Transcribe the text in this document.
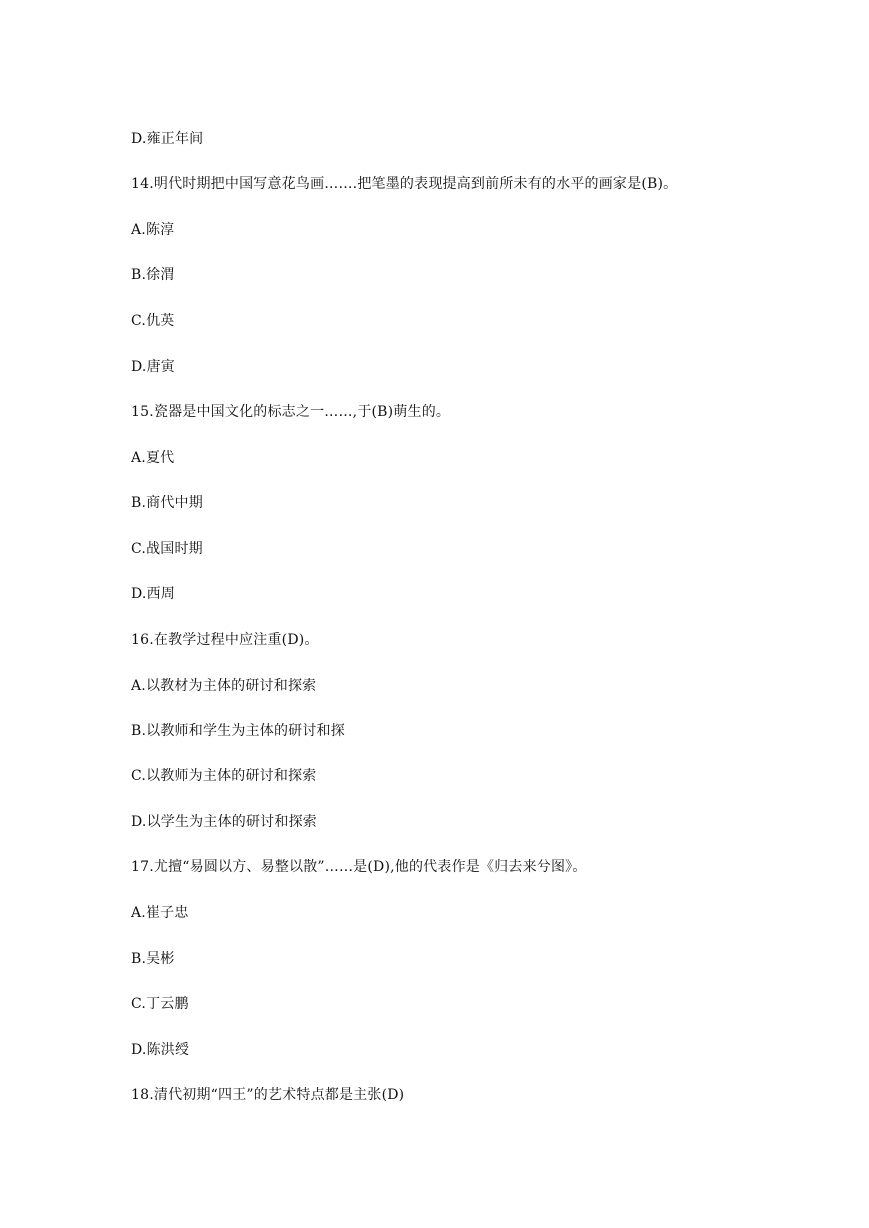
D.雍正年间
14.明代时期把中国写意花鸟画…….把笔墨的表现提高到前所未有的水平的画家是(B)。
A.陈淳
B.徐渭
C.仇英
D.唐寅
15.瓷器是中国文化的标志之一……,于(B)萌生的。
A.夏代
B.商代中期
C.战国时期
D.西周
16.在教学过程中应注重(D)。
A.以教材为主体的研讨和探索
B.以教师和学生为主体的研讨和探
C.以教师为主体的研讨和探索
D.以学生为主体的研讨和探索
17.尤擅“易圆以方、易整以散”……是(D),他的代表作是《归去来兮图》。
A.崔子忠
B.吴彬
C.丁云鹏
D.陈洪绶
18.清代初期“四王”的艺术特点都是主张(D)
